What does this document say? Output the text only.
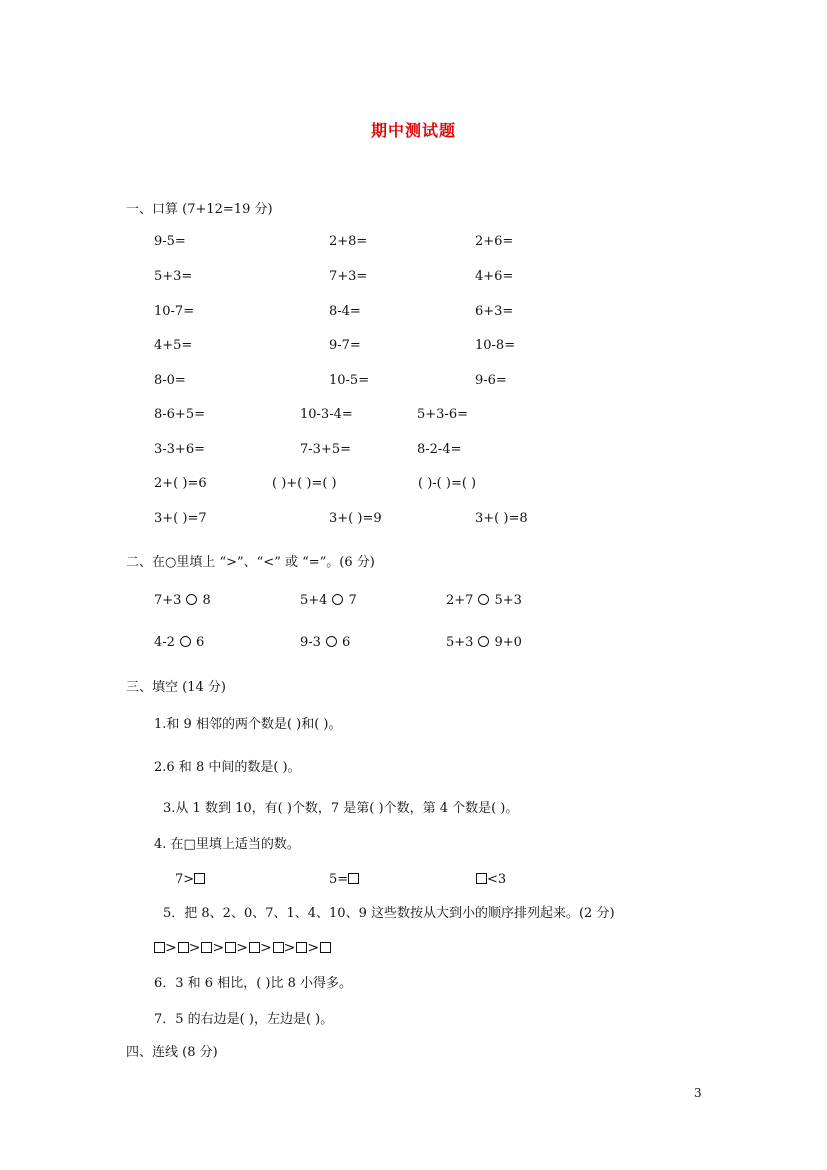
期中测试题
一、口算 (7+12=19 分)
9-5=	2+8=	2+6=
5+3=	7+3=	4+6=
10-7=	8-4=	6+3=
4+5=	9-7=	10-8=
8-0=	10-5=	9-6=
8-6+5=	10-3-4=	5+3-6=
3-3+6=	7-3+5=	8-2-4=
2+( )=6	( )+( )=( )	( )-( )=( )
3+( )=7	3+( )=9	3+( )=8
二、在○里填上 “>”、“<” 或 “=”。(6 分)
7+3 8	5+4 7	2+7 5+3
4-2 6	9-3 6	5+3 9+0
三、填空 (14 分)
1.和 9 相邻的两个数是( )和( )。
2.6 和 8 中间的数是( )。
3.从 1 数到 10，有( )个数，7 是第( )个数，第 4 个数是( )。
4. 在□里填上适当的数。
7>	5=	<3
5．把 8、2、0、7、1、4、10、9 这些数按从大到小的顺序排列起来。(2 分)
> > > > > > >
6．3 和 6 相比，( )比 8 小得多。
7．5 的右边是( )，左边是( )。
四、连线 (8 分)
3
